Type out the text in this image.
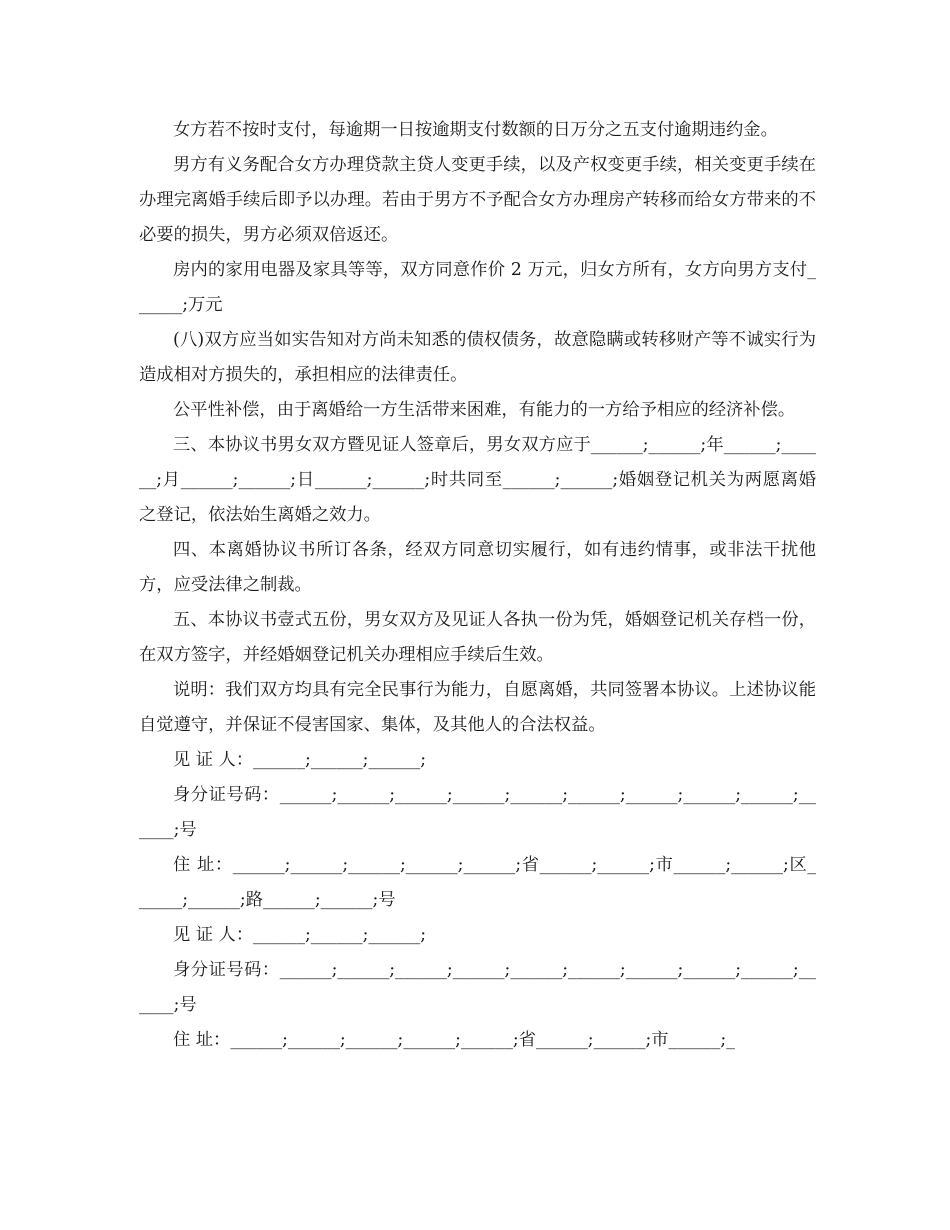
女方若不按时支付，每逾期一日按逾期支付数额的日万分之五支付逾期违约金。

男方有义务配合女方办理贷款主贷人变更手续，以及产权变更手续，相关变更手续在办理完离婚手续后即予以办理。若由于男方不予配合女方办理房产转移而给女方带来的不必要的损失，男方必须双倍返还。

房内的家用电器及家具等等，双方同意作价 2 万元，归女方所有，女方向男方支付______;万元

(八)双方应当如实告知对方尚未知悉的债权债务，故意隐瞒或转移财产等不诚实行为造成相对方损失的，承担相应的法律责任。

公平性补偿，由于离婚给一方生活带来困难，有能力的一方给予相应的经济补偿。

三、本协议书男女双方暨见证人签章后，男女双方应于______;______;年______;______;月______;______;日______;______;时共同至______;______;婚姻登记机关为两愿离婚之登记，依法始生离婚之效力。

四、本离婚协议书所订各条，经双方同意切实履行，如有违约情事，或非法干扰他方，应受法律之制裁。

五、本协议书壹式五份，男女双方及见证人各执一份为凭，婚姻登记机关存档一份，在双方签字，并经婚姻登记机关办理相应手续后生效。

说明：我们双方均具有完全民事行为能力，自愿离婚，共同签署本协议。上述协议能自觉遵守，并保证不侵害国家、集体，及其他人的合法权益。

见 证 人：______;______;______;

身分证号码：______;______;______;______;______;______;______;______;______;______;号

住 址：______;______;______;______;______;省______;______;市______;______;区______;______;路______;______;号

见 证 人：______;______;______;

身分证号码：______;______;______;______;______;______;______;______;______;______;号

住 址：______;______;______;______;______;省______;______;市______;_
